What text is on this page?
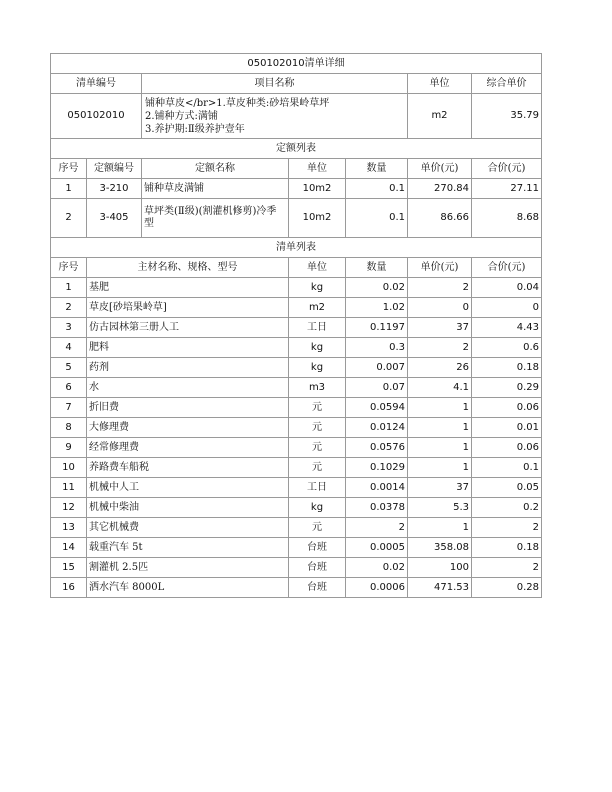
050102010清单详细						
清单编号		项目名称			单位	综合单价
050102010		铺种草皮</br>1.草皮种类:砂培果岭草坪
2.铺种方式:满铺
3.养护期:Ⅱ级养护壹年			m2	35.79
定额列表						
序号	定额编号	定额名称	单位	数量	单价(元)	合价(元)
1	3-210	铺种草皮满铺	10m2	0.1	270.84	27.11
2	3-405	草坪类(Ⅱ级)(割灌机修剪)冷季型	10m2	0.1	86.66	8.68
清单列表						
序号	主材名称、规格、型号		单位	数量	单价(元)	合价(元)
1	基肥		kg	0.02	2	0.04
2	草皮[砂培果岭草]		m2	1.02	0	0
3	仿古园林第三册人工		工日	0.1197	37	4.43
4	肥料		kg	0.3	2	0.6
5	药剂		kg	0.007	26	0.18
6	水		m3	0.07	4.1	0.29
7	折旧费		元	0.0594	1	0.06
8	大修理费		元	0.0124	1	0.01
9	经常修理费		元	0.0576	1	0.06
10	养路费车船税		元	0.1029	1	0.1
11	机械中人工		工日	0.0014	37	0.05
12	机械中柴油		kg	0.0378	5.3	0.2
13	其它机械费		元	2	1	2
14	载重汽车 5t		台班	0.0005	358.08	0.18
15	割灌机 2.5匹		台班	0.02	100	2
16	洒水汽车 8000L		台班	0.0006	471.53	0.28
